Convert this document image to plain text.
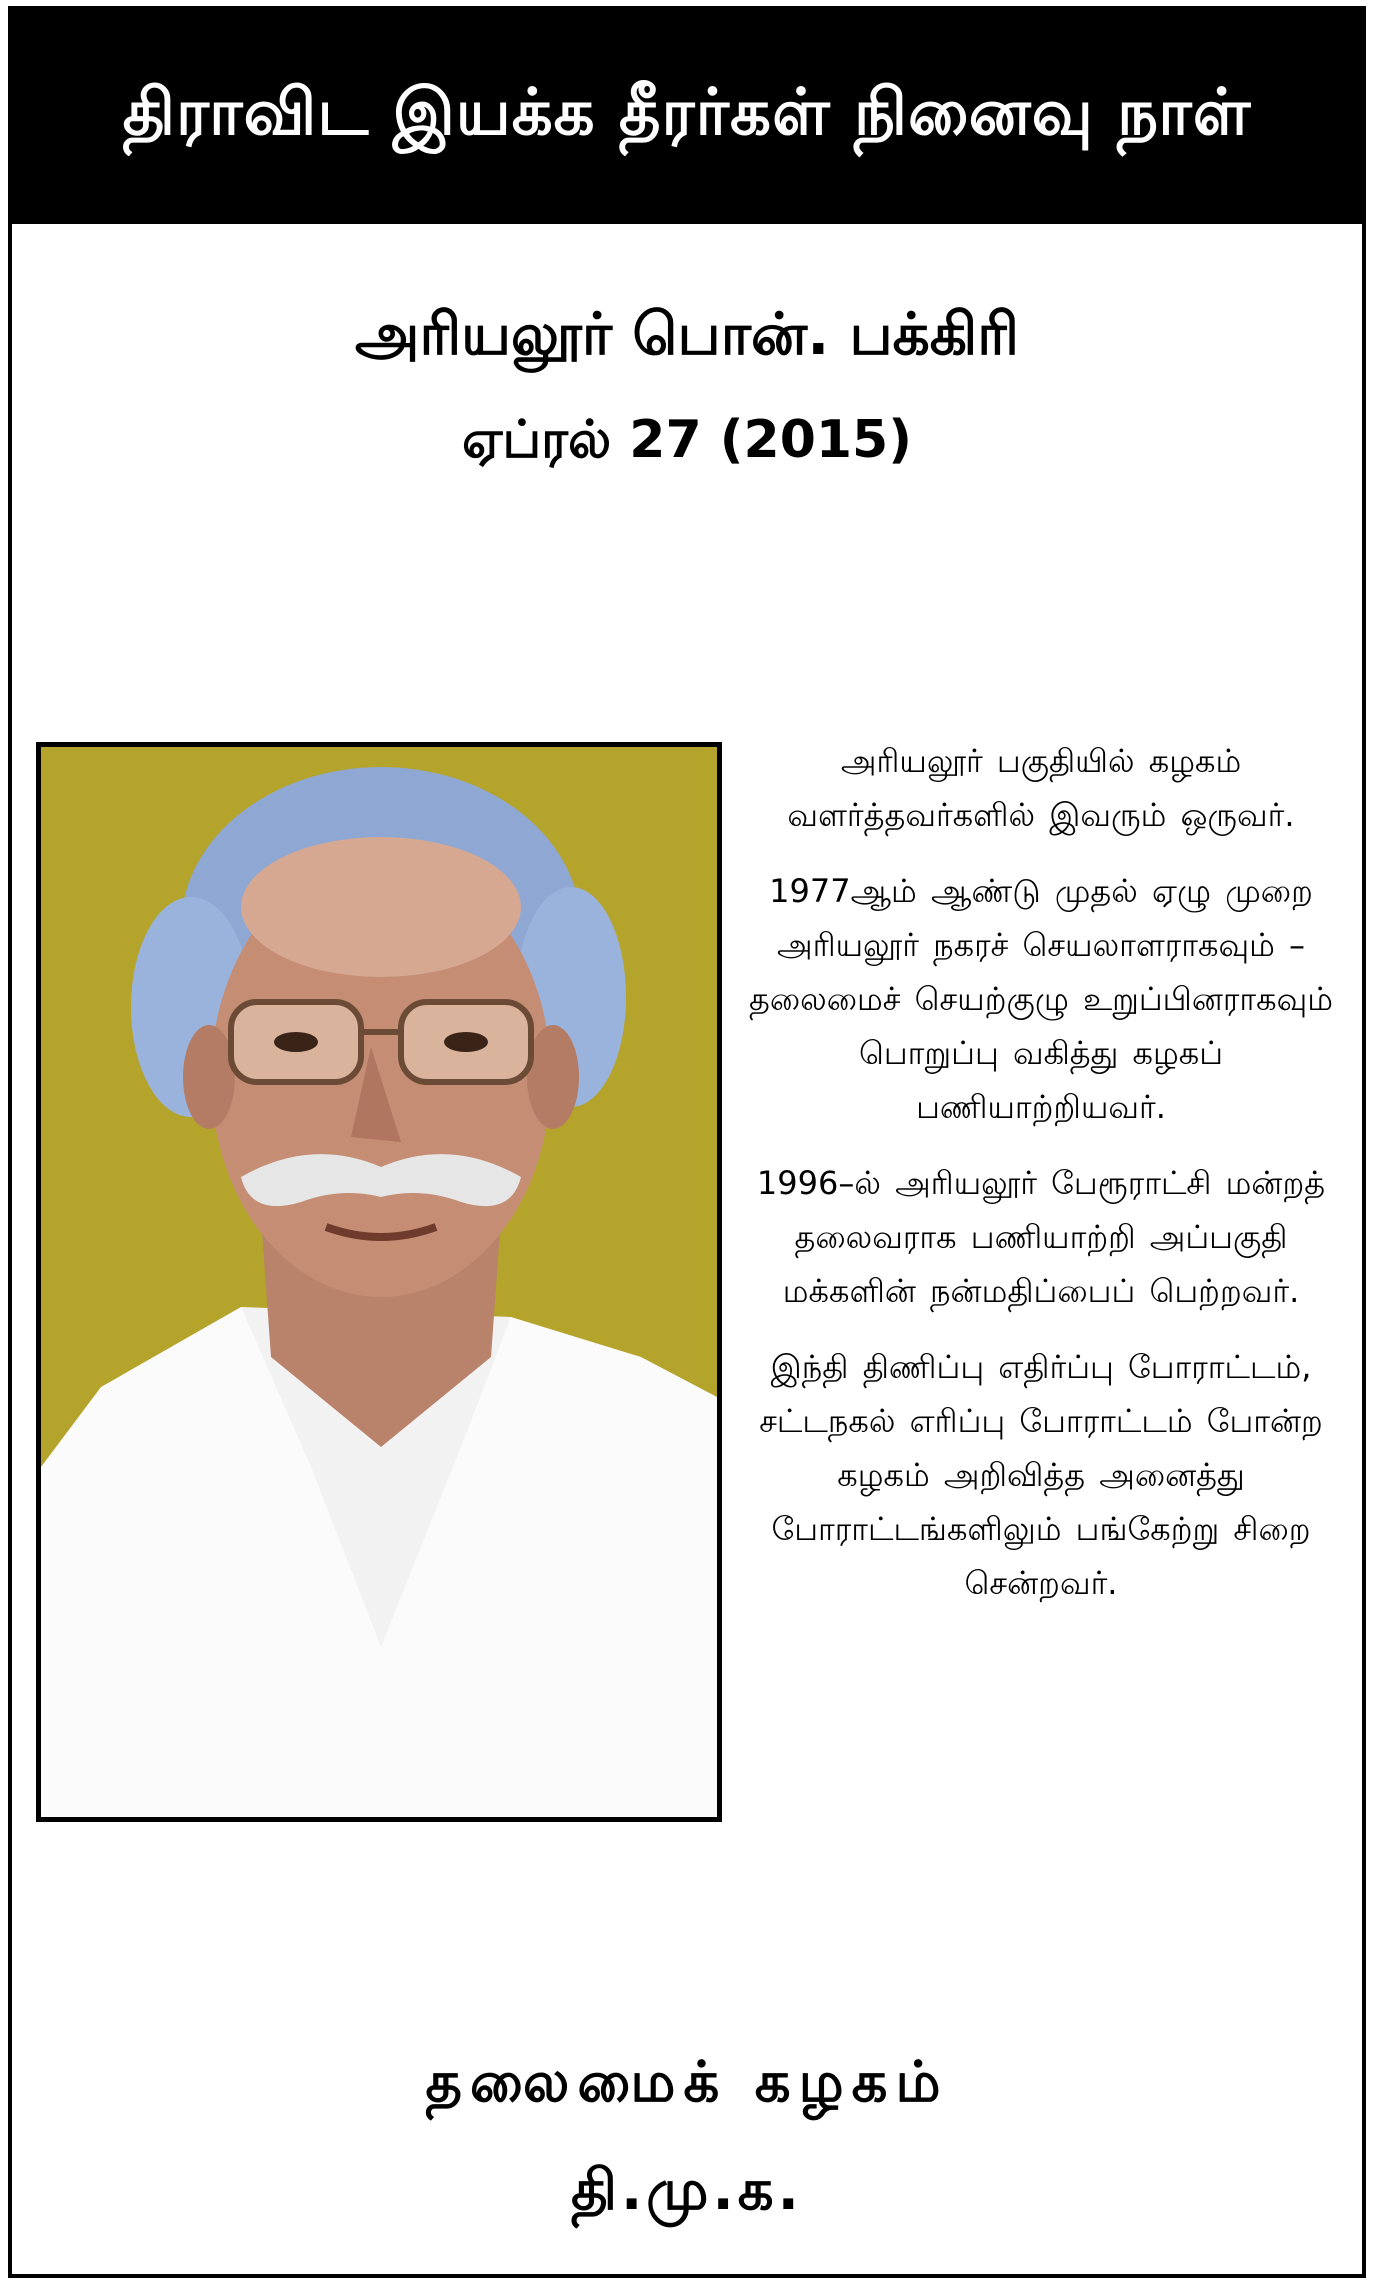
திராவிட இயக்க தீரர்கள் நினைவு நாள்
அரியலூர் பொன். பக்கிரி
ஏப்ரல் 27 (2015)

அரியலூர் பகுதியில் கழகம் வளர்த்தவர்களில் இவரும் ஒருவர்.

1977ஆம் ஆண்டு முதல் ஏழு முறை அரியலூர் நகரச் செயலாளராகவும் – தலைமைச் செயற்குழு உறுப்பினராகவும் பொறுப்பு வகித்து கழகப் பணியாற்றியவர்.

1996–ல் அரியலூர் பேரூராட்சி மன்றத் தலைவராக பணியாற்றி அப்பகுதி மக்களின் நன்மதிப்பைப் பெற்றவர்.

இந்தி திணிப்பு எதிர்ப்பு போராட்டம், சட்டநகல் எரிப்பு போராட்டம் போன்ற கழகம் அறிவித்த அனைத்து போராட்டங்களிலும் பங்கேற்று சிறை சென்றவர்.

தலைமைக் கழகம்
தி.மு.க.
